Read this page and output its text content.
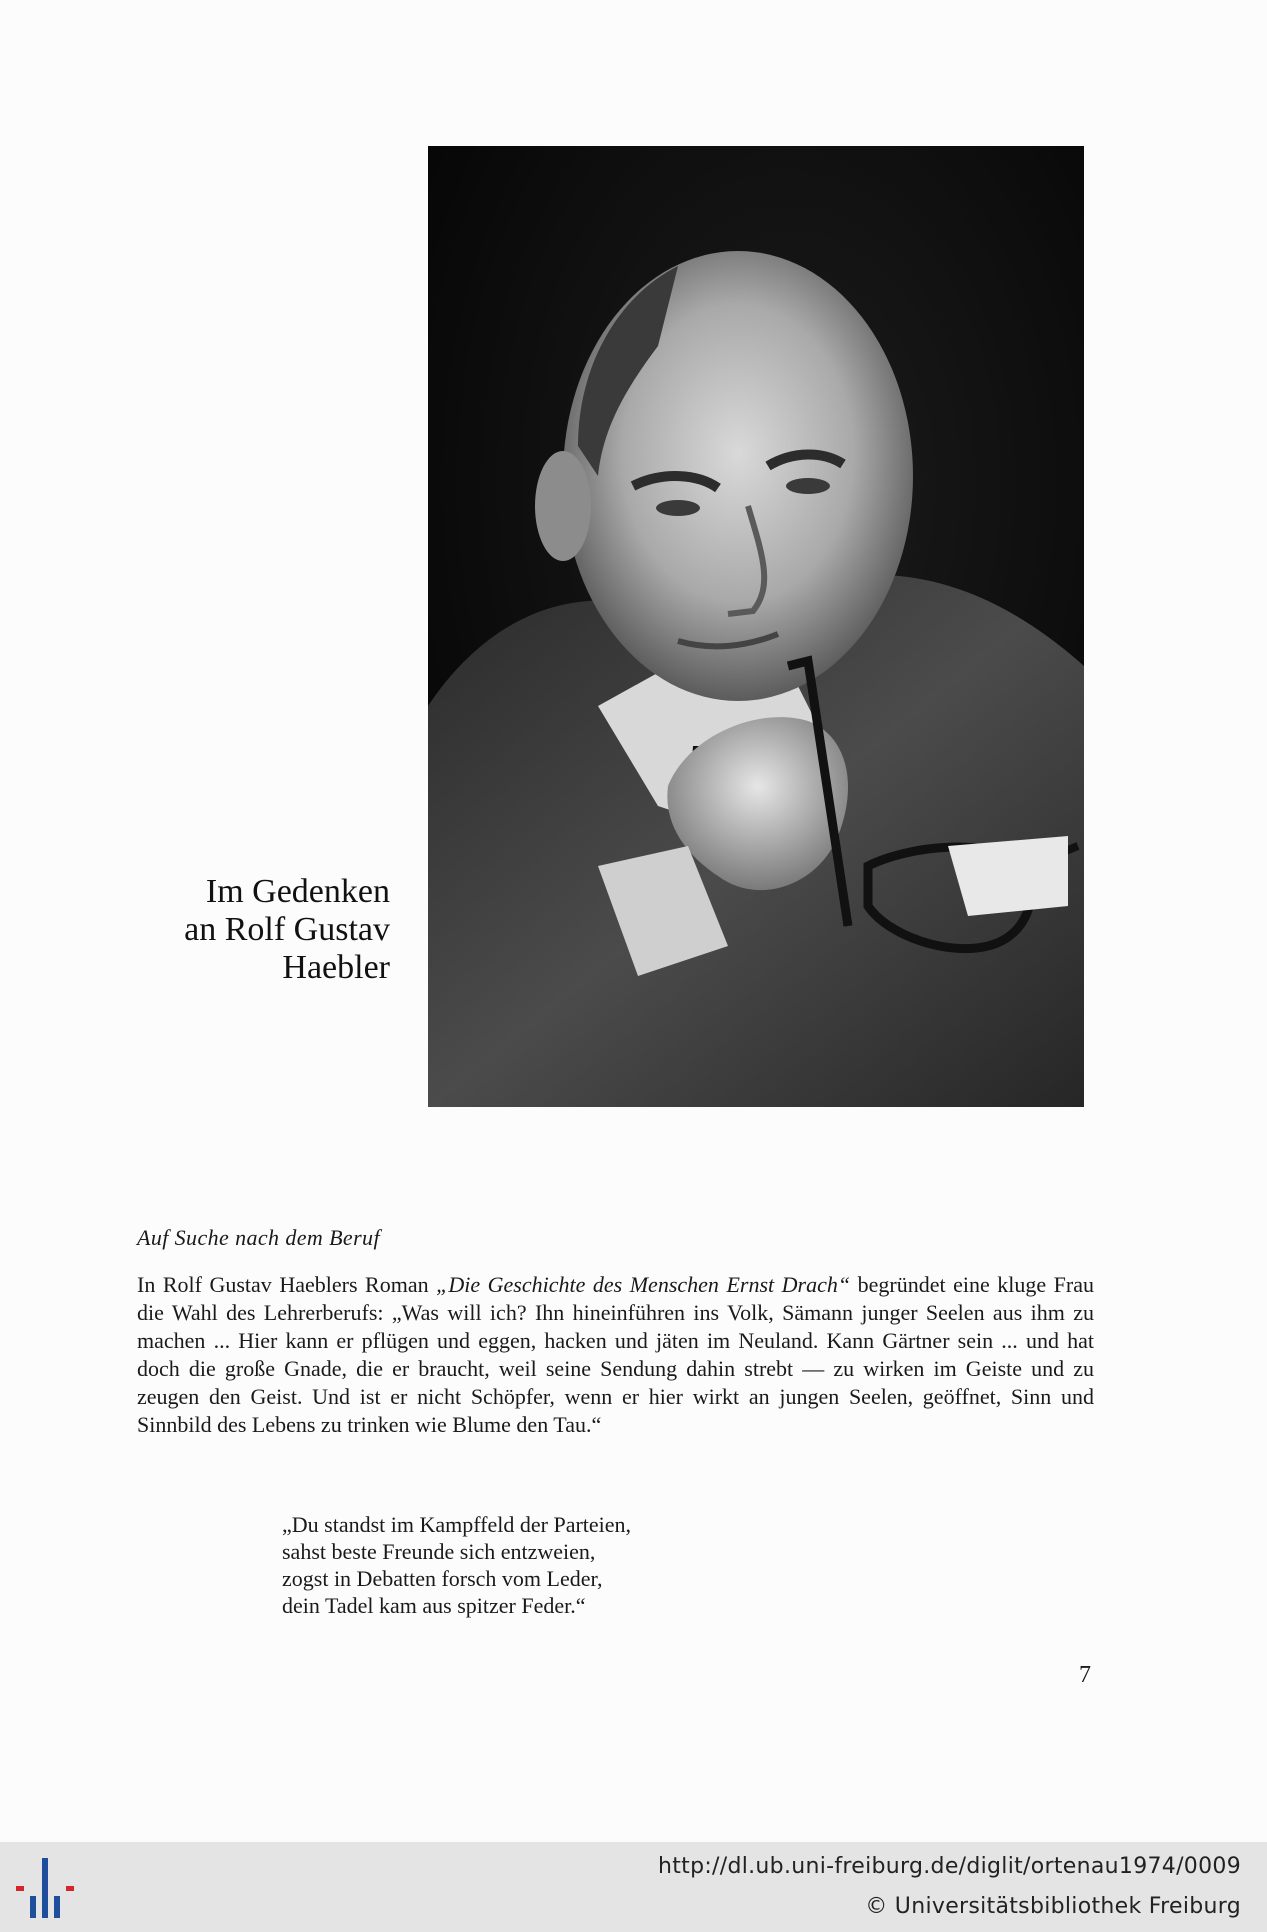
Im Gedenken
an Rolf Gustav
Haebler
Auf Suche nach dem Beruf
In Rolf Gustav Haeblers Roman „Die Geschichte des Menschen Ernst Drach“ begründet eine kluge Frau die Wahl des Lehrerberufs: „Was will ich? Ihn hineinführen ins Volk, Sämann junger Seelen aus ihm zu machen ... Hier kann er pflügen und eggen, hacken und jäten im Neuland. Kann Gärtner sein ... und hat doch die große Gnade, die er braucht, weil seine Sendung dahin strebt — zu wirken im Geiste und zu zeugen den Geist. Und ist er nicht Schöpfer, wenn er hier wirkt an jungen Seelen, geöffnet, Sinn und Sinnbild des Lebens zu trinken wie Blume den Tau.“
„Du standst im Kampffeld der Parteien,
sahst beste Freunde sich entzweien,
zogst in Debatten forsch vom Leder,
dein Tadel kam aus spitzer Feder.“
7
http://dl.ub.uni-freiburg.de/diglit/ortenau1974/0009
© Universitätsbibliothek Freiburg
